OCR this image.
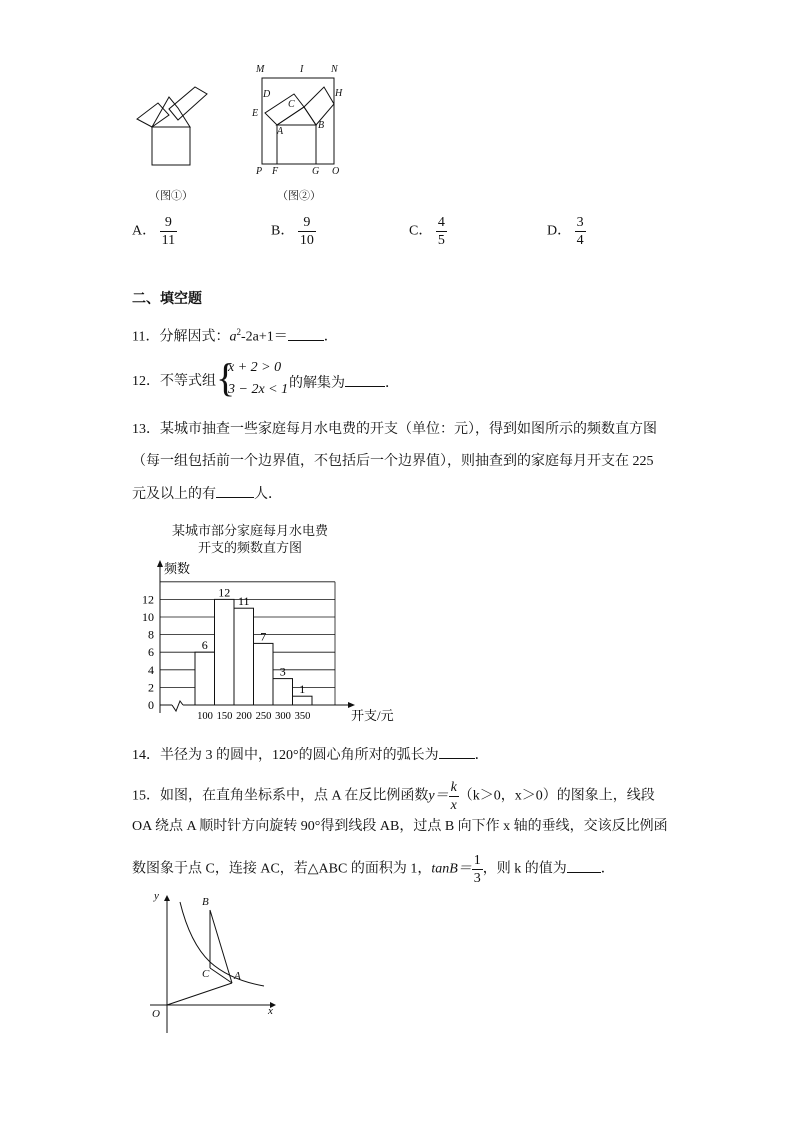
（图①）
M	I	N
H
D
C
E
A
B
P F	G O
（图②）
A． $\frac{9}{11}$	B． $\frac{9}{10}$	C． $\frac{4}{5}$	D． $\frac{3}{4}$
二、填空题
11．分解因式：$a^2-2a+1=$	．
12．不等式组 {
x + 2 > 0
3 − 2x < 1 的解集为	．
13．某城市抽查一些家庭每月水电费的开支（单位：元），得到如图所示的频数直方图
（每一组包括前一个边界值，不包括后一个边界值），则抽查到的家庭每月开支在 225
元及以上的有	人．
某城市部分家庭每月水电费
开支的频数直方图
0
2
4
6
8
10
12
频数
6
12
11
7
3
1
100 150 200 250 300 350	开支/元
14．半径为 3 的圆中，120°的圆心角所对的弧长为	．
15．如图，在直角坐标系中，点 A 在反比例函数$y= \frac{k}{x} (k>0$，x＞0）的图象上，线段
OA 绕点 A 顺时针方向旋转 90°得到线段 AB，过点 B 向下作 x 轴的垂线，交该反比例函
数图象于点 C，连接 AC，若△ABC 的面积为 1，$\tan B= \frac{1}{3}$ ，则 k 的值为 ．
y
x
O
A
B
C
